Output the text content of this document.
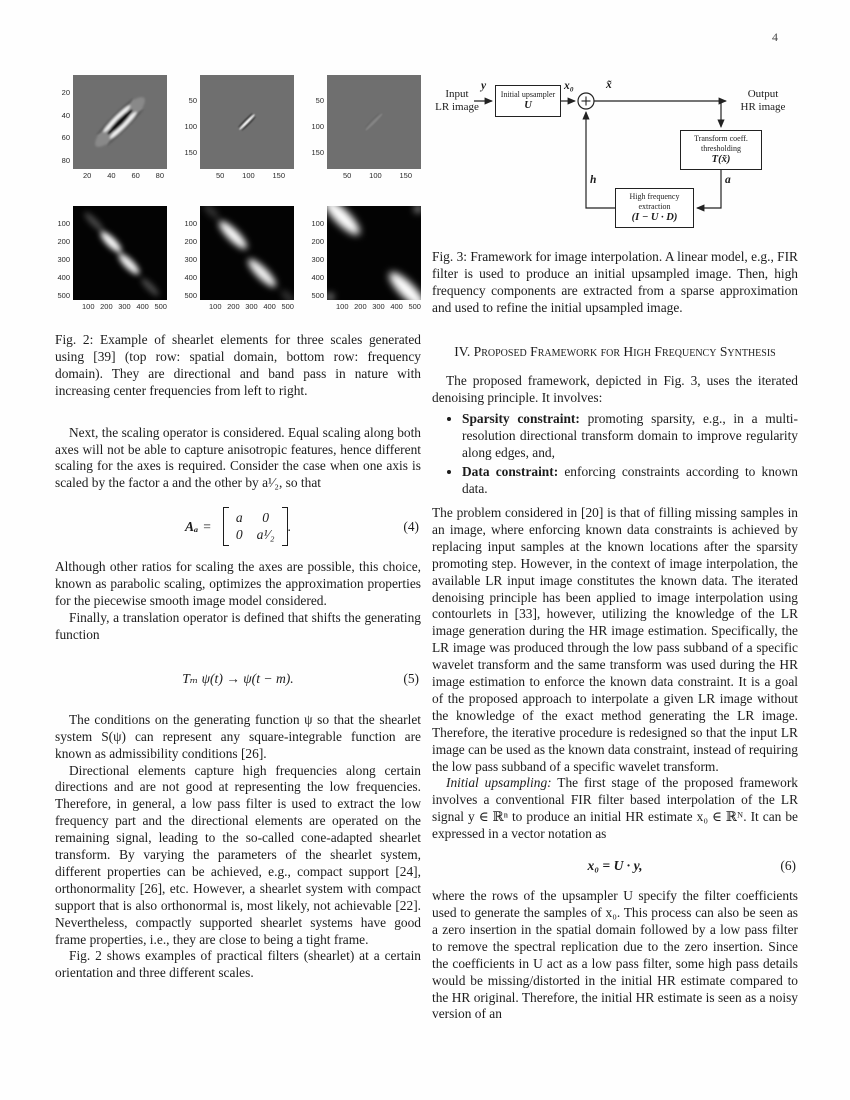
4
20
40
60
80
20 40 60 80
50
100
150
50 100 150
50
100
150
50 100 150
100
200
300
400
500
100 200 300 400 500
100
200
300
400
500
100 200 300 400 500
100
200
300
400
500
100 200 300 400 500

Fig. 2: Example of shearlet elements for three scales generated using [39] (top row: spatial domain, bottom row: frequency domain). They are directional and band pass in nature with increasing center frequencies from left to right.

Next, the scaling operator is considered. Equal scaling along both axes will not be able to capture anisotropic features, hence different scaling for the axes is required. Consider the case when one axis is scaled by the factor a and the other by a¹⁄₂, so that

Aₐ =
a	0
0 a¹⁄₂
.	(4)

Although other ratios for scaling the axes are possible, this choice, known as parabolic scaling, optimizes the approximation properties for the piecewise smooth image model considered.

Finally, a translation operator is defined that shifts the generating function

Tₘ ψ(t) → ψ(t − m).	(5)

The conditions on the generating function ψ so that the shearlet system S(ψ) can represent any square-integrable function are known as admissibility conditions [26].

Directional elements capture high frequencies along certain directions and are not good at representing the low frequencies. Therefore, in general, a low pass filter is used to extract the low frequency part and the directional elements are operated on the remaining signal, leading to the so-called cone-adapted shearlet transform. By varying the parameters of the shearlet system, different properties can be achieved, e.g., compact support [24], orthonormality [26], etc. However, a shearlet system with compact support that is also orthonormal is, most likely, not achievable [22]. Nevertheless, compactly supported shearlet systems have good frame properties, i.e., they are close to being a tight frame.

Fig. 2 shows examples of practical filters (shearlet) at a certain orientation and three different scales.

Input
LR image
y
Initial upsampler
U
x₀	x̃
Output
HR image
Transform coeff.
thresholding
T(x̃)
a
h
High frequency
extraction
(I − U · D)

Fig. 3: Framework for image interpolation. A linear model, e.g., FIR filter is used to produce an initial upsampled image. Then, high frequency components are extracted from a sparse approximation and used to refine the initial upsampled image.

IV. Proposed Framework for High Frequency Synthesis

The proposed framework, depicted in Fig. 3, uses the iterated denoising principle. It involves:

• Sparsity constraint: promoting sparsity, e.g., in a multi-resolution directional transform domain to improve regularity along edges, and,
• Data constraint: enforcing constraints according to known data.

The problem considered in [20] is that of filling missing samples in an image, where enforcing known data constraints is achieved by replacing input samples at the known locations after the sparsity promoting step. However, in the context of image interpolation, the available LR input image constitutes the known data. The iterated denoising principle has been applied to image interpolation using contourlets in [33], however, utilizing the knowledge of the LR image generation during the HR image estimation. Specifically, the LR image was produced through the low pass subband of a specific wavelet transform and the same transform was used during the HR image estimation to enforce the known data constraint. It is a goal of the proposed approach to interpolate a given LR image without the knowledge of the exact method generating the LR image. Therefore, the iterative procedure is redesigned so that the input LR image can be used as the known data constraint, instead of requiring the low pass subband of a specific wavelet transform.

Initial upsampling: The first stage of the proposed framework involves a conventional FIR filter based interpolation of the LR signal y ∈ ℝⁿ to produce an initial HR estimate x₀ ∈ ℝᴺ. It can be expressed in a vector notation as

x₀ = U · y,	(6)

where the rows of the upsampler U specify the filter coefficients used to generate the samples of x₀. This process can also be seen as a zero insertion in the spatial domain followed by a low pass filter to remove the spectral replication due to the zero insertion. Since the coefficients in U act as a low pass filter, some high pass details would be missing/distorted in the initial HR estimate compared to the HR original. Therefore, the initial HR estimate is seen as a noisy version of an
